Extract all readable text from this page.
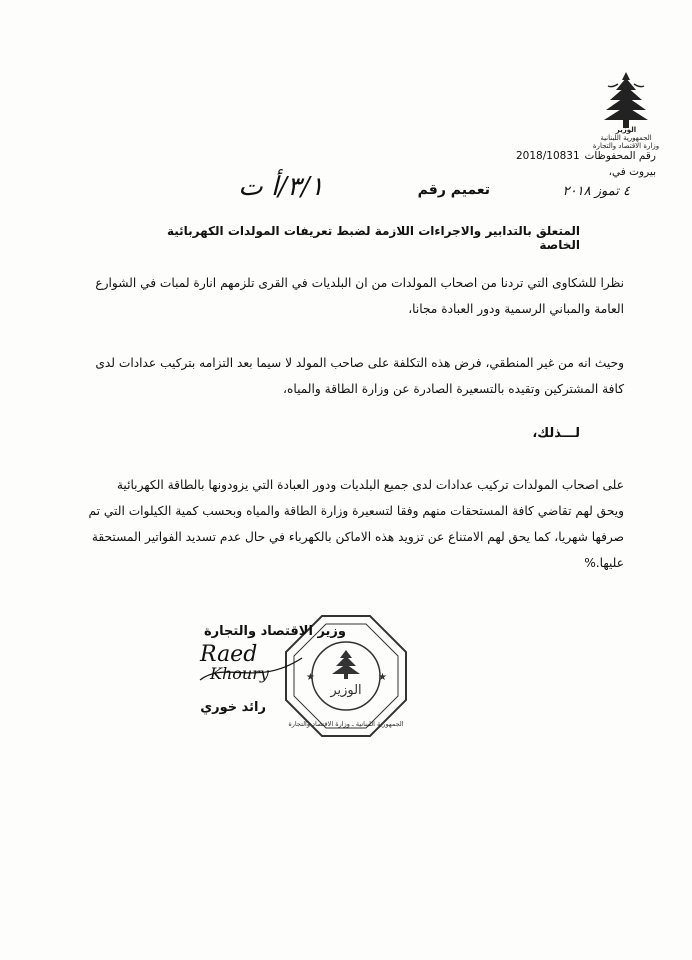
الجمهورية اللبنانية
وزارة الاقتصاد والتجارة
الوزير
رقم المحفوظات
2018/10831
بيروت في،
تعميم رقم
٣/١/أ ت	٤ تموز ٢٠١٨
المتعلق بالتدابير والاجراءات اللازمة لضبط تعريفات المولدات الكهربائية الخاصة
نظرا للشكاوى التي تردنا من اصحاب المولدات من ان البلديات في القرى تلزمهم انارة لمبات في الشوارع
العامة والمباني الرسمية ودور العبادة مجانا،
وحيث انه من غير المنطقي، فرض هذه التكلفة على صاحب المولد لا سيما بعد التزامه بتركيب عدادات لدى
كافة المشتركين وتقيده بالتسعيرة الصادرة عن وزارة الطاقة والمياه،
لـــذلك،
على اصحاب المولدات تركيب عدادات لدى جميع البلديات ودور العبادة التي يزودونها بالطاقة الكهربائية
ويحق لهم تقاضي كافة المستحقات منهم وفقا لتسعيرة وزارة الطاقة والمياه وبحسب كمية الكيلوات التي تم
صرفها شهريا، كما يحق لهم الامتناع عن تزويد هذه الاماكن بالكهرباء في حال عدم تسديد الفواتير المستحقة
عليها.%
الوزير
★	★
الجمهورية اللبنانية ـ وزارة الاقتصاد والتجارة
وزير الاقتصاد والتجارة
Raed
Khoury
رائد خوري
